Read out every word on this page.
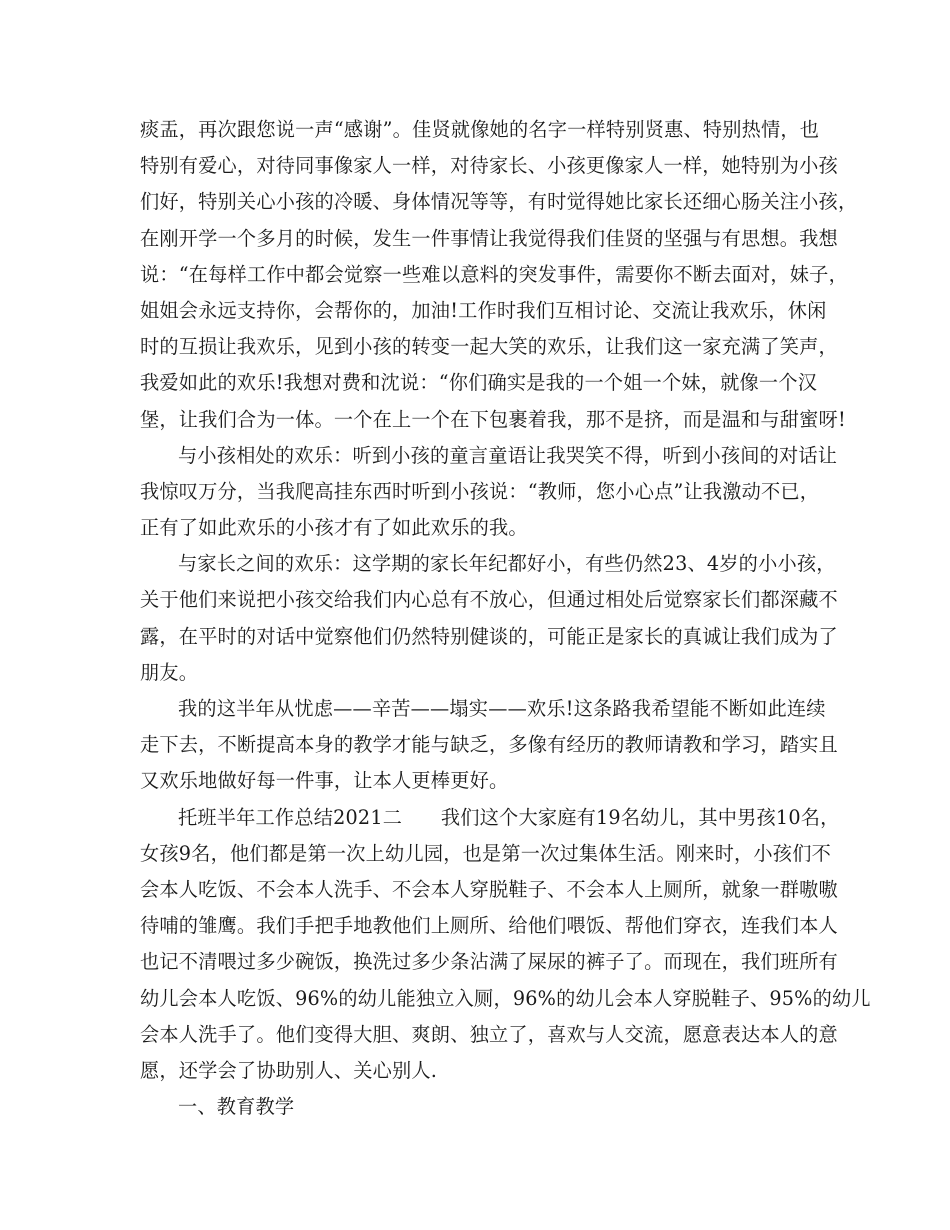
痰盂，再次跟您说一声“感谢”。佳贤就像她的名字一样特别贤惠、特别热情，也
特别有爱心，对待同事像家人一样，对待家长、小孩更像家人一样，她特别为小孩
们好，特别关心小孩的冷暖、身体情况等等，有时觉得她比家长还细心肠关注小孩，
在刚开学一个多月的时候，发生一件事情让我觉得我们佳贤的坚强与有思想。我想
说：“在每样工作中都会觉察一些难以意料的突发事件，需要你不断去面对，妹子，
姐姐会永远支持你，会帮你的，加油!工作时我们互相讨论、交流让我欢乐，休闲
时的互损让我欢乐，见到小孩的转变一起大笑的欢乐，让我们这一家充满了笑声，
我爱如此的欢乐!我想对费和沈说：“你们确实是我的一个姐一个妹，就像一个汉
堡，让我们合为一体。一个在上一个在下包裹着我，那不是挤，而是温和与甜蜜呀!
与小孩相处的欢乐：听到小孩的童言童语让我哭笑不得，听到小孩间的对话让
我惊叹万分，当我爬高挂东西时听到小孩说：“教师，您小心点”让我激动不已，
正有了如此欢乐的小孩才有了如此欢乐的我。
与家长之间的欢乐：这学期的家长年纪都好小，有些仍然23、4岁的小小孩，
关于他们来说把小孩交给我们内心总有不放心，但通过相处后觉察家长们都深藏不
露，在平时的对话中觉察他们仍然特别健谈的，可能正是家长的真诚让我们成为了
朋友。
我的这半年从忧虑——辛苦——塌实——欢乐!这条路我希望能不断如此连续
走下去，不断提高本身的教学才能与缺乏，多像有经历的教师请教和学习，踏实且
又欢乐地做好每一件事，让本人更棒更好。
托班半年工作总结2021二　　我们这个大家庭有19名幼儿，其中男孩10名，
女孩9名，他们都是第一次上幼儿园，也是第一次过集体生活。刚来时，小孩们不
会本人吃饭、不会本人洗手、不会本人穿脱鞋子、不会本人上厕所，就象一群嗷嗷
待哺的雏鹰。我们手把手地教他们上厕所、给他们喂饭、帮他们穿衣，连我们本人
也记不清喂过多少碗饭，换洗过多少条沾满了屎尿的裤子了。而现在，我们班所有
幼儿会本人吃饭、96%的幼儿能独立入厕，96%的幼儿会本人穿脱鞋子、95%的幼儿
会本人洗手了。他们变得大胆、爽朗、独立了，喜欢与人交流，愿意表达本人的意
愿，还学会了协助别人、关心别人.
一、教育教学
